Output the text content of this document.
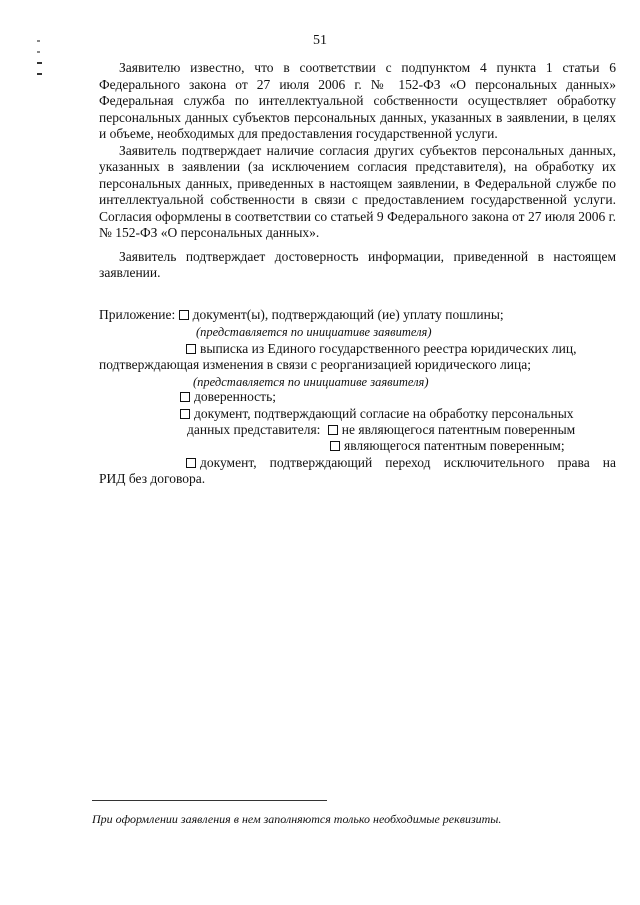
51

Заявителю известно, что в соответствии с подпунктом 4 пункта 1 статьи 6 Федерального закона от 27 июля 2006 г. № 152-ФЗ «О персональных данных» Федеральная служба по интеллектуальной собственности осуществляет обработку персональных данных субъектов персональных данных, указанных в заявлении, в целях и объеме, необходимых для предоставления государственной услуги.

Заявитель подтверждает наличие согласия других субъектов персональных данных, указанных в заявлении (за исключением согласия представителя), на обработку их персональных данных, приведенных в настоящем заявлении, в Федеральной службе по интеллектуальной собственности в связи с предоставлением государственной услуги. Согласия оформлены в соответствии со статьей 9 Федерального закона от 27 июля 2006 г. № 152-ФЗ «О персональных данных».

Заявитель подтверждает достоверность информации, приведенной в настоящем заявлении.

Приложение: документ(ы), подтверждающий (ие) уплату пошлины;
(представляется по инициативе заявителя)
выписка из Единого государственного реестра юридических лиц,
подтверждающая изменения в связи с реорганизацией юридического лица;
(представляется по инициативе заявителя)
доверенность;
документ, подтверждающий согласие на обработку персональных
данных представителя: не являющегося патентным поверенным
являющегося патентным поверенным;
документ, подтверждающий переход исключительного права на
РИД без договора.
При оформлении заявления в нем заполняются только необходимые реквизиты.
